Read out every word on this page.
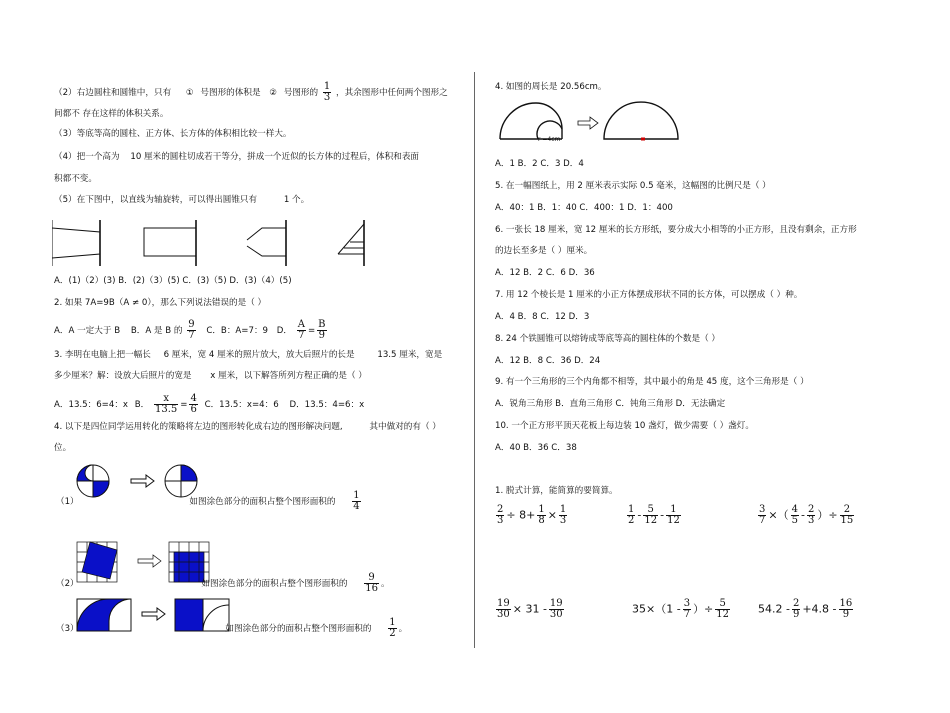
（2）右边圆柱和圆锥中，只有 ① 号图形的体积是 ② 号图形的 $\frac{1}{3}$ ，其余图形中任何两个图形之
间都不 存在这样的体积关系。
（3）等底等高的圆柱、正方体、长方体的体积相比较一样大。
（4）把一个高为 10 厘米的圆柱切成若干等分，拼成一个近似的长方体的过程后，体积和表面
积都不变。
（5）在下图中，以直线为轴旋转，可以得出圆锥只有	1 个。
A．(1)（2）(3) B．(2)（3）(5) C．(3)（5) D．(3)（4）(5)
2. 如果 7A=9B（A ≠ 0），那么下列说法错误的是（ ）
A．A 一定大于 B B．A 是 B 的 $\frac{9}{7}$ C．B：A=7：9 D． $\frac{A}{7} = \frac{B}{9}$
3. 李明在电脑上把一幅长 6 厘米，宽 4 厘米的照片放大，放大后照片的长是	13.5 厘米，宽是
多少厘米？解：设放大后照片的宽是 x 厘米，以下解答所列方程正确的是（ ）
A．13.5：6=4：x B． $\frac{x}{13.5} = \frac{4}{6}$ C．13.5：x=4：6 D．13.5：4=6：x
4. 以下是四位同学运用转化的策略将左边的图形转化成右边的图形解决问题,	其中做对的有（ ）
位。
（1）	如图涂色部分的面积占整个图形面积的 $\frac{1}{4}$
（2）	如图涂色部分的面积占整个图形面积的 $\frac{9}{16}$ 。
（3）	如图涂色部分的面积占整个图形面积的 $\frac{1}{2}$ 。
4. 如图的周长是 20.56cm。
r =4cm
A．1 B．2 C．3 D．4
5. 在一幅图纸上，用 2 厘米表示实际 0.5 毫米，这幅图的比例尺是（ ）
A．40：1 B．1：40 C．400：1 D．1：400
6. 一张长 18 厘米，宽 12 厘米的长方形纸，要分成大小相等的小正方形，且没有剩余，正方形
的边长至多是（ ）厘米。
A．12 B．2 C．6 D．36
7. 用 12 个棱长是 1 厘米的小正方体摆成形状不同的长方体，可以摆成（ ）种。
A．4 B．8 C．12 D．3
8. 24 个铁圆锥可以熔铸成等底等高的圆柱体的个数是（ ）
A．12 B．8 C．36 D．24
9. 有一个三角形的三个内角都不相等，其中最小的角是 45 度，这个三角形是（ ）
A．锐角三角形 B．直角三角形 C．钝角三角形 D．无法确定
10. 一个正方形平顶天花板上每边装 10 盏灯，做少需要（ ）盏灯。
A．40 B．36 C．38
1. 脱式计算，能简算的要简算。
$\frac{2}{3} \div 8+ \frac{1}{8} \times \frac{1}{3}$	$\frac{1}{2} - \frac{5}{12} - \frac{1}{12}$	$\frac{3}{7}$ ×（ $\frac{4}{5} - \frac{2}{3}$ ）÷ $\frac{2}{15}$
$\frac{19}{30} \times 31 - \frac{19}{30}$	$35\times(1 - \frac{3}{7}$ ）÷ $\frac{5}{12}$	$54.2 - \frac{2}{9} +4.8 - \frac{16}{9}$
